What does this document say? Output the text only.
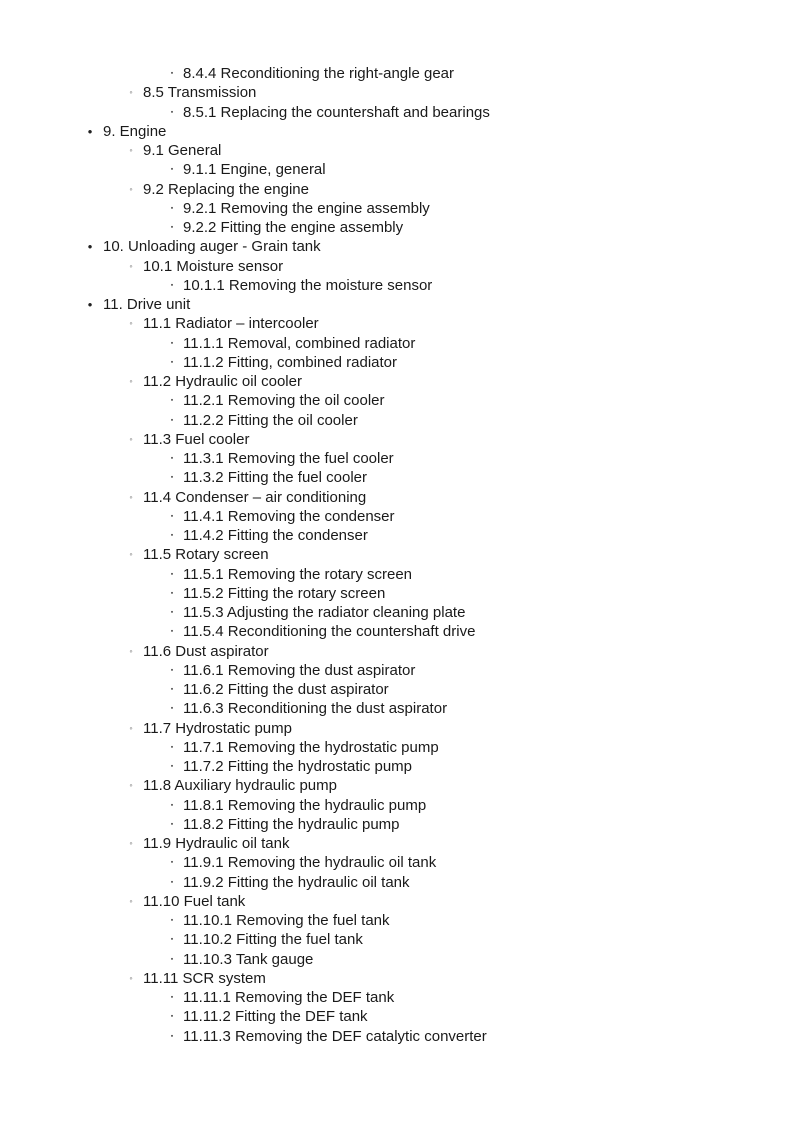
▪ 8.4.4 Reconditioning the right-angle gear
◦ 8.5 Transmission
▪ 8.5.1 Replacing the countershaft and bearings
• 9. Engine
◦ 9.1 General
▪ 9.1.1 Engine, general
◦ 9.2 Replacing the engine
▪ 9.2.1 Removing the engine assembly
▪ 9.2.2 Fitting the engine assembly
• 10. Unloading auger - Grain tank
◦ 10.1 Moisture sensor
▪ 10.1.1 Removing the moisture sensor
• 11. Drive unit
◦ 11.1 Radiator – intercooler
▪ 11.1.1 Removal, combined radiator
▪ 11.1.2 Fitting, combined radiator
◦ 11.2 Hydraulic oil cooler
▪ 11.2.1 Removing the oil cooler
▪ 11.2.2 Fitting the oil cooler
◦ 11.3 Fuel cooler
▪ 11.3.1 Removing the fuel cooler
▪ 11.3.2 Fitting the fuel cooler
◦ 11.4 Condenser – air conditioning
▪ 11.4.1 Removing the condenser
▪ 11.4.2 Fitting the condenser
◦ 11.5 Rotary screen
▪ 11.5.1 Removing the rotary screen
▪ 11.5.2 Fitting the rotary screen
▪ 11.5.3 Adjusting the radiator cleaning plate
▪ 11.5.4 Reconditioning the countershaft drive
◦ 11.6 Dust aspirator
▪ 11.6.1 Removing the dust aspirator
▪ 11.6.2 Fitting the dust aspirator
▪ 11.6.3 Reconditioning the dust aspirator
◦ 11.7 Hydrostatic pump
▪ 11.7.1 Removing the hydrostatic pump
▪ 11.7.2 Fitting the hydrostatic pump
◦ 11.8 Auxiliary hydraulic pump
▪ 11.8.1 Removing the hydraulic pump
▪ 11.8.2 Fitting the hydraulic pump
◦ 11.9 Hydraulic oil tank
▪ 11.9.1 Removing the hydraulic oil tank
▪ 11.9.2 Fitting the hydraulic oil tank
◦ 11.10 Fuel tank
▪ 11.10.1 Removing the fuel tank
▪ 11.10.2 Fitting the fuel tank
▪ 11.10.3 Tank gauge
◦ 11.11 SCR system
▪ 11.11.1 Removing the DEF tank
▪ 11.11.2 Fitting the DEF tank
▪ 11.11.3 Removing the DEF catalytic converter
